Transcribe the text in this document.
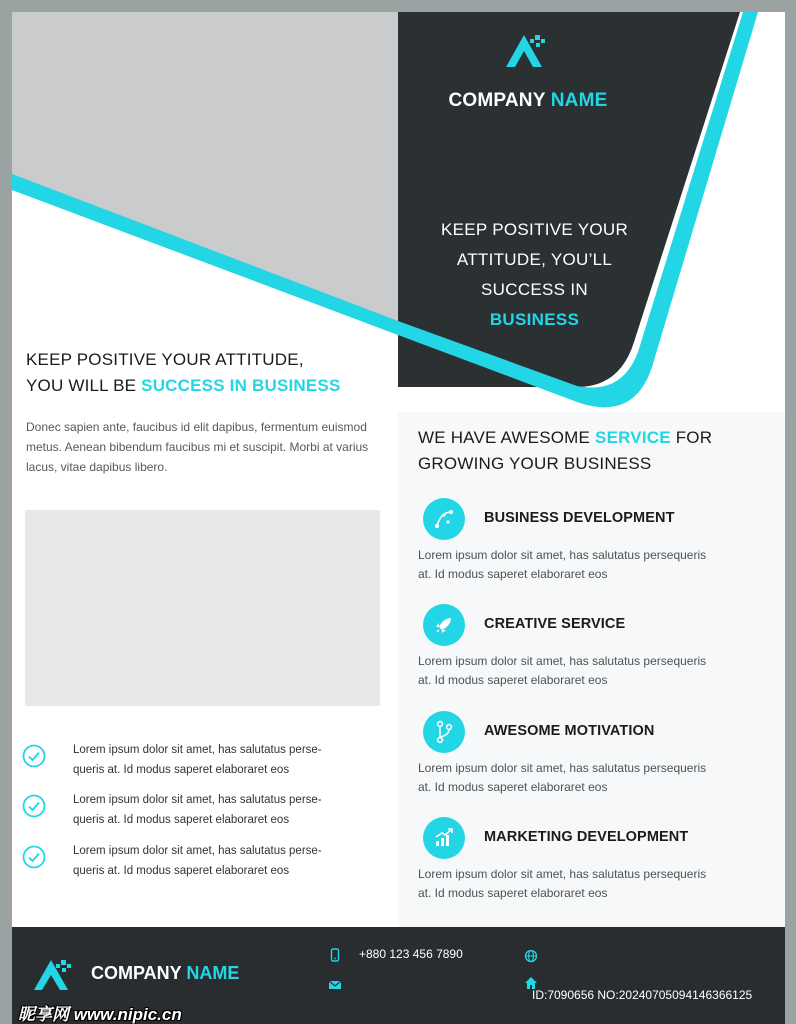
COMPANY NAME
KEEP POSITIVE YOUR
ATTITUDE, YOU’LL
SUCCESS IN
BUSINESS
KEEP POSITIVE YOUR ATTITUDE,
YOU WILL BE SUCCESS IN BUSINESS
Donec sapien ante, faucibus id elit dapibus, fermentum euismod metus. Aenean bibendum faucibus mi et suscipit. Morbi at varius lacus, vitae dapibus libero.
Lorem ipsum dolor sit amet, has salutatus perse-
queris at. Id modus saperet elaboraret eos
Lorem ipsum dolor sit amet, has salutatus perse-
queris at. Id modus saperet elaboraret eos
Lorem ipsum dolor sit amet, has salutatus perse-
queris at. Id modus saperet elaboraret eos
WE HAVE AWESOME SERVICE FOR
GROWING YOUR BUSINESS
BUSINESS DEVELOPMENT
Lorem ipsum dolor sit amet, has salutatus persequeris
at. Id modus saperet elaboraret eos
CREATIVE SERVICE
Lorem ipsum dolor sit amet, has salutatus persequeris
at. Id modus saperet elaboraret eos
AWESOME MOTIVATION
Lorem ipsum dolor sit amet, has salutatus persequeris
at. Id modus saperet elaboraret eos
MARKETING DEVELOPMENT
Lorem ipsum dolor sit amet, has salutatus persequeris
at. Id modus saperet elaboraret eos
COMPANY NAME
+880 123 456 7890
昵享网 www.nipic.cn
ID:7090656 NO:20240705094146366125
